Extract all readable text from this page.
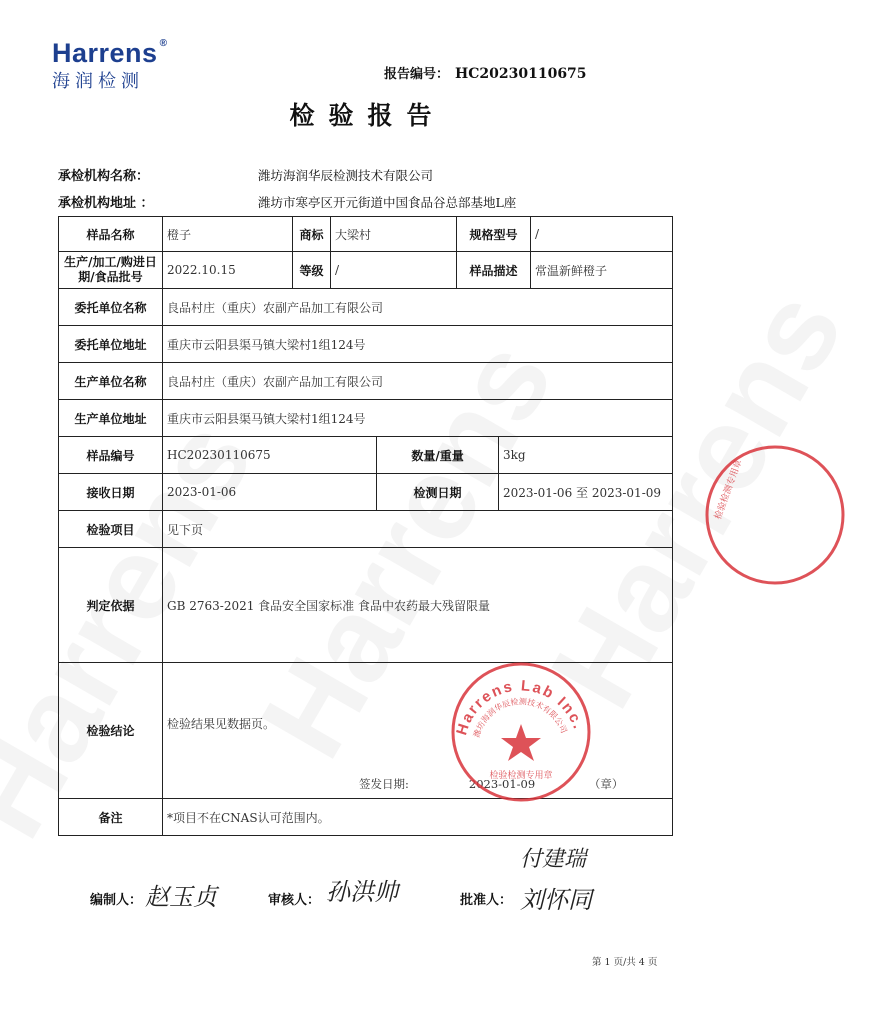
Harrens ®
海润检测	报告编号： HC20230110675
检验报告
承检机构名称：	潍坊海润华辰检测技术有限公司
承检机构地址 ：	潍坊市寒亭区开元街道中国食品谷总部基地L座
样品名称	橙子	商标	大梁村		规格型号		/
生产/加工/购进日期/食品批号	2022.10.15	等级	/		样品描述		常温新鲜橙子
委托单位名称	良品村庄（重庆）农副产品加工有限公司						
委托单位地址	重庆市云阳县渠马镇大梁村1组124号						
生产单位名称	良品村庄（重庆）农副产品加工有限公司						
生产单位地址	重庆市云阳县渠马镇大梁村1组124号						
样品编号	HC20230110675			数量/重量		3kg	
接收日期	2023-01-06			检测日期		2023-01-06 至 2023-01-09	
检验项目	见下页						
判定依据	GB 2763-2021 食品安全国家标准 食品中农药最大残留限量						
检验结论	检验结果见数据页。
签发日期: 2023-01-09 （章）						

备注	*项目不在CNAS认可范围内。						
Harrens Lab Inc.
潍坊海润华辰检测技术有限公司
检验检测专用章
检验检测专用章
编制人： 赵玉贞	审核人： 孙洪帅	批准人： 刘怀同
付建瑞
第 1 页/共 4 页
